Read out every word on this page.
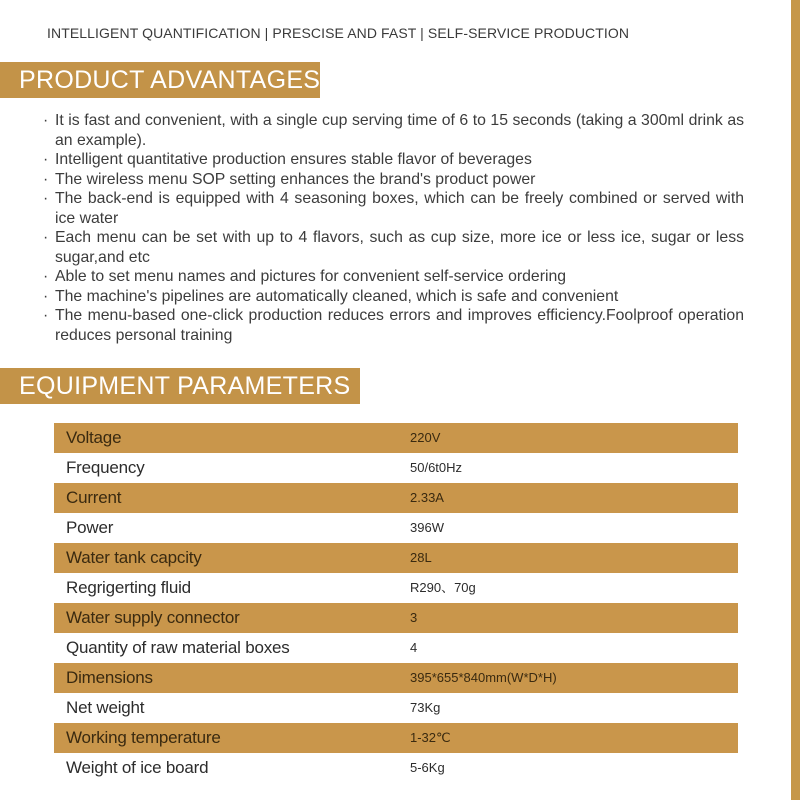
INTELLIGENT QUANTIFICATION | PRESCISE AND FAST | SELF-SERVICE PRODUCTION
PRODUCT ADVANTAGES
· It is fast and convenient, with a single cup serving time of 6 to 15 seconds (taking a 300ml drink as an example).
· Intelligent quantitative production ensures stable flavor of beverages
· The wireless menu SOP setting enhances the brand's product power
· The back-end is equipped with 4 seasoning boxes, which can be freely combined or served with ice water
· Each menu can be set with up to 4 flavors, such as cup size, more ice or less ice, sugar or less sugar,and etc
· Able to set menu names and pictures for convenient self-service ordering
· The machine's pipelines are automatically cleaned, which is safe and convenient
· The menu-based one-click production reduces errors and improves efficiency.Foolproof operation reduces personal training
EQUIPMENT PARAMETERS
Voltage	220V
Frequency	50/6t0Hz
Current	2.33A
Power	396W
Water tank capcity	28L
Regrigerting fluid	R290、70g
Water supply connector	3
Quantity of raw material boxes	4
Dimensions	395*655*840mm(W*D*H)
Net weight	73Kg
Working temperature	1-32℃
Weight of ice board	5-6Kg
